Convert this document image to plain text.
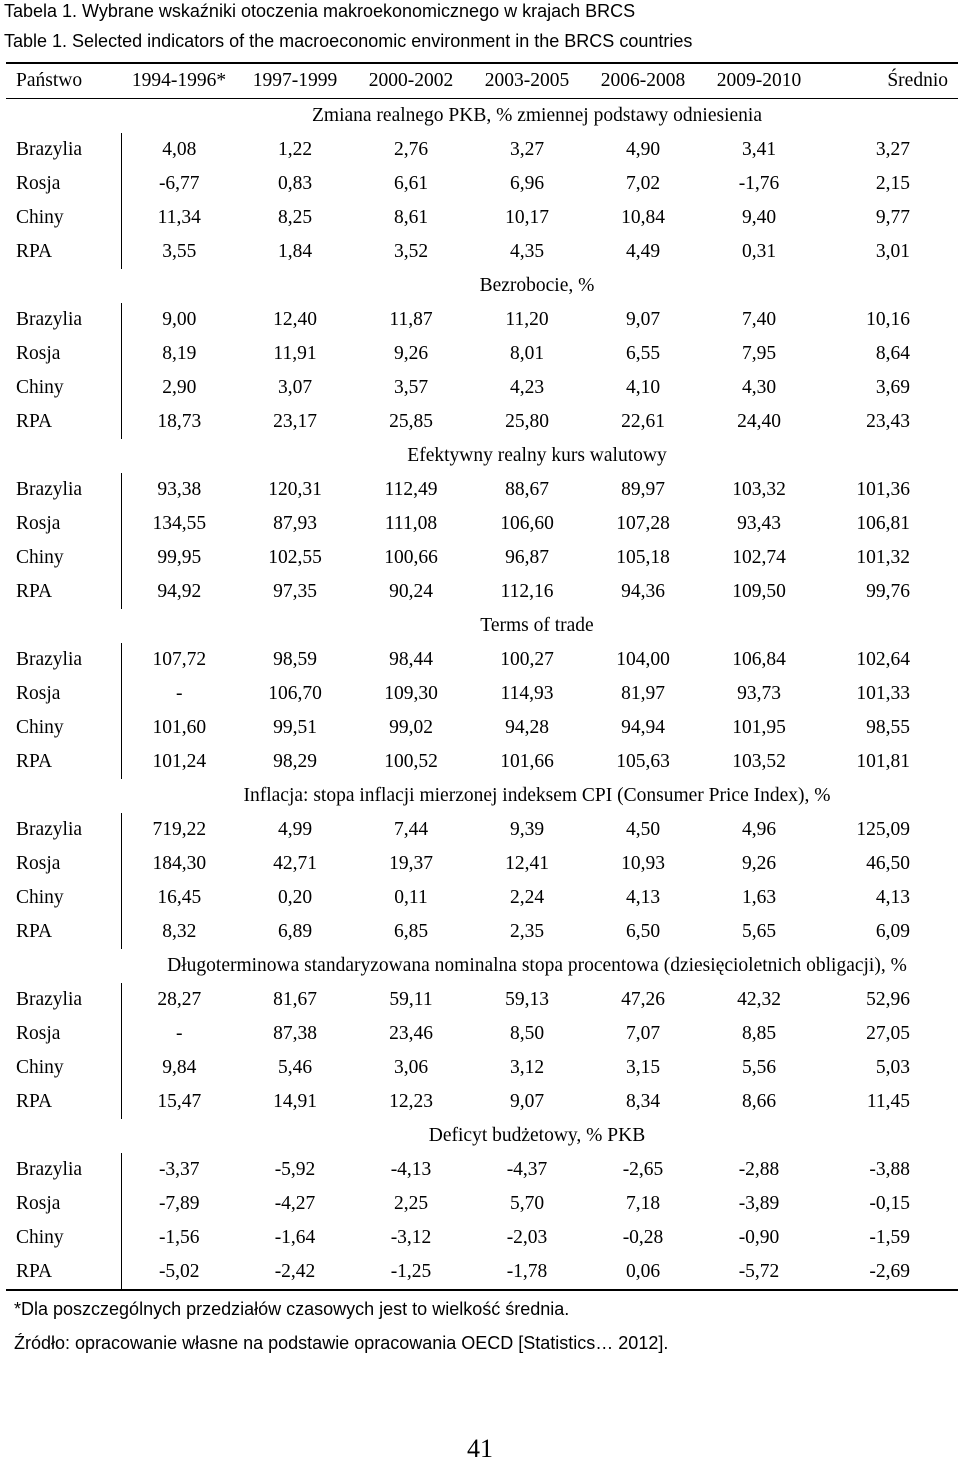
Tabela 1. Wybrane wskaźniki otoczenia makroekonomicznego w krajach BRCS

Table 1. Selected indicators of the macroeconomic environment in the BRCS countries

Państwo	1994-1996*	1997-1999	2000-2002	2003-2005	2006-2008	2009-2010	Średnio
Zmiana realnego PKB, % zmiennej podstawy odniesienia							
Brazylia	4,08	1,22	2,76	3,27	4,90	3,41	3,27
Rosja	-6,77	0,83	6,61	6,96	7,02	-1,76	2,15
Chiny	11,34	8,25	8,61	10,17	10,84	9,40	9,77
RPA	3,55	1,84	3,52	4,35	4,49	0,31	3,01
Bezrobocie, %							
Brazylia	9,00	12,40	11,87	11,20	9,07	7,40	10,16
Rosja	8,19	11,91	9,26	8,01	6,55	7,95	8,64
Chiny	2,90	3,07	3,57	4,23	4,10	4,30	3,69
RPA	18,73	23,17	25,85	25,80	22,61	24,40	23,43
Efektywny realny kurs walutowy							
Brazylia	93,38	120,31	112,49	88,67	89,97	103,32	101,36
Rosja	134,55	87,93	111,08	106,60	107,28	93,43	106,81
Chiny	99,95	102,55	100,66	96,87	105,18	102,74	101,32
RPA	94,92	97,35	90,24	112,16	94,36	109,50	99,76
Terms of trade							
Brazylia	107,72	98,59	98,44	100,27	104,00	106,84	102,64
Rosja	-	106,70	109,30	114,93	81,97	93,73	101,33
Chiny	101,60	99,51	99,02	94,28	94,94	101,95	98,55
RPA	101,24	98,29	100,52	101,66	105,63	103,52	101,81
Inflacja: stopa inflacji mierzonej indeksem CPI (Consumer Price Index), %							
Brazylia	719,22	4,99	7,44	9,39	4,50	4,96	125,09
Rosja	184,30	42,71	19,37	12,41	10,93	9,26	46,50
Chiny	16,45	0,20	0,11	2,24	4,13	1,63	4,13
RPA	8,32	6,89	6,85	2,35	6,50	5,65	6,09
Długoterminowa standaryzowana nominalna stopa procentowa (dziesięcioletnich obligacji), %							
Brazylia	28,27	81,67	59,11	59,13	47,26	42,32	52,96
Rosja	-	87,38	23,46	8,50	7,07	8,85	27,05
Chiny	9,84	5,46	3,06	3,12	3,15	5,56	5,03
RPA	15,47	14,91	12,23	9,07	8,34	8,66	11,45
Deficyt budżetowy, % PKB							
Brazylia	-3,37	-5,92	-4,13	-4,37	-2,65	-2,88	-3,88
Rosja	-7,89	-4,27	2,25	5,70	7,18	-3,89	-0,15
Chiny	-1,56	-1,64	-3,12	-2,03	-0,28	-0,90	-1,59
RPA	-5,02	-2,42	-1,25	-1,78	0,06	-5,72	-2,69

*Dla poszczególnych przedziałów czasowych jest to wielkość średnia.

Źródło: opracowanie własne na podstawie opracowania OECD [Statistics… 2012].

41
